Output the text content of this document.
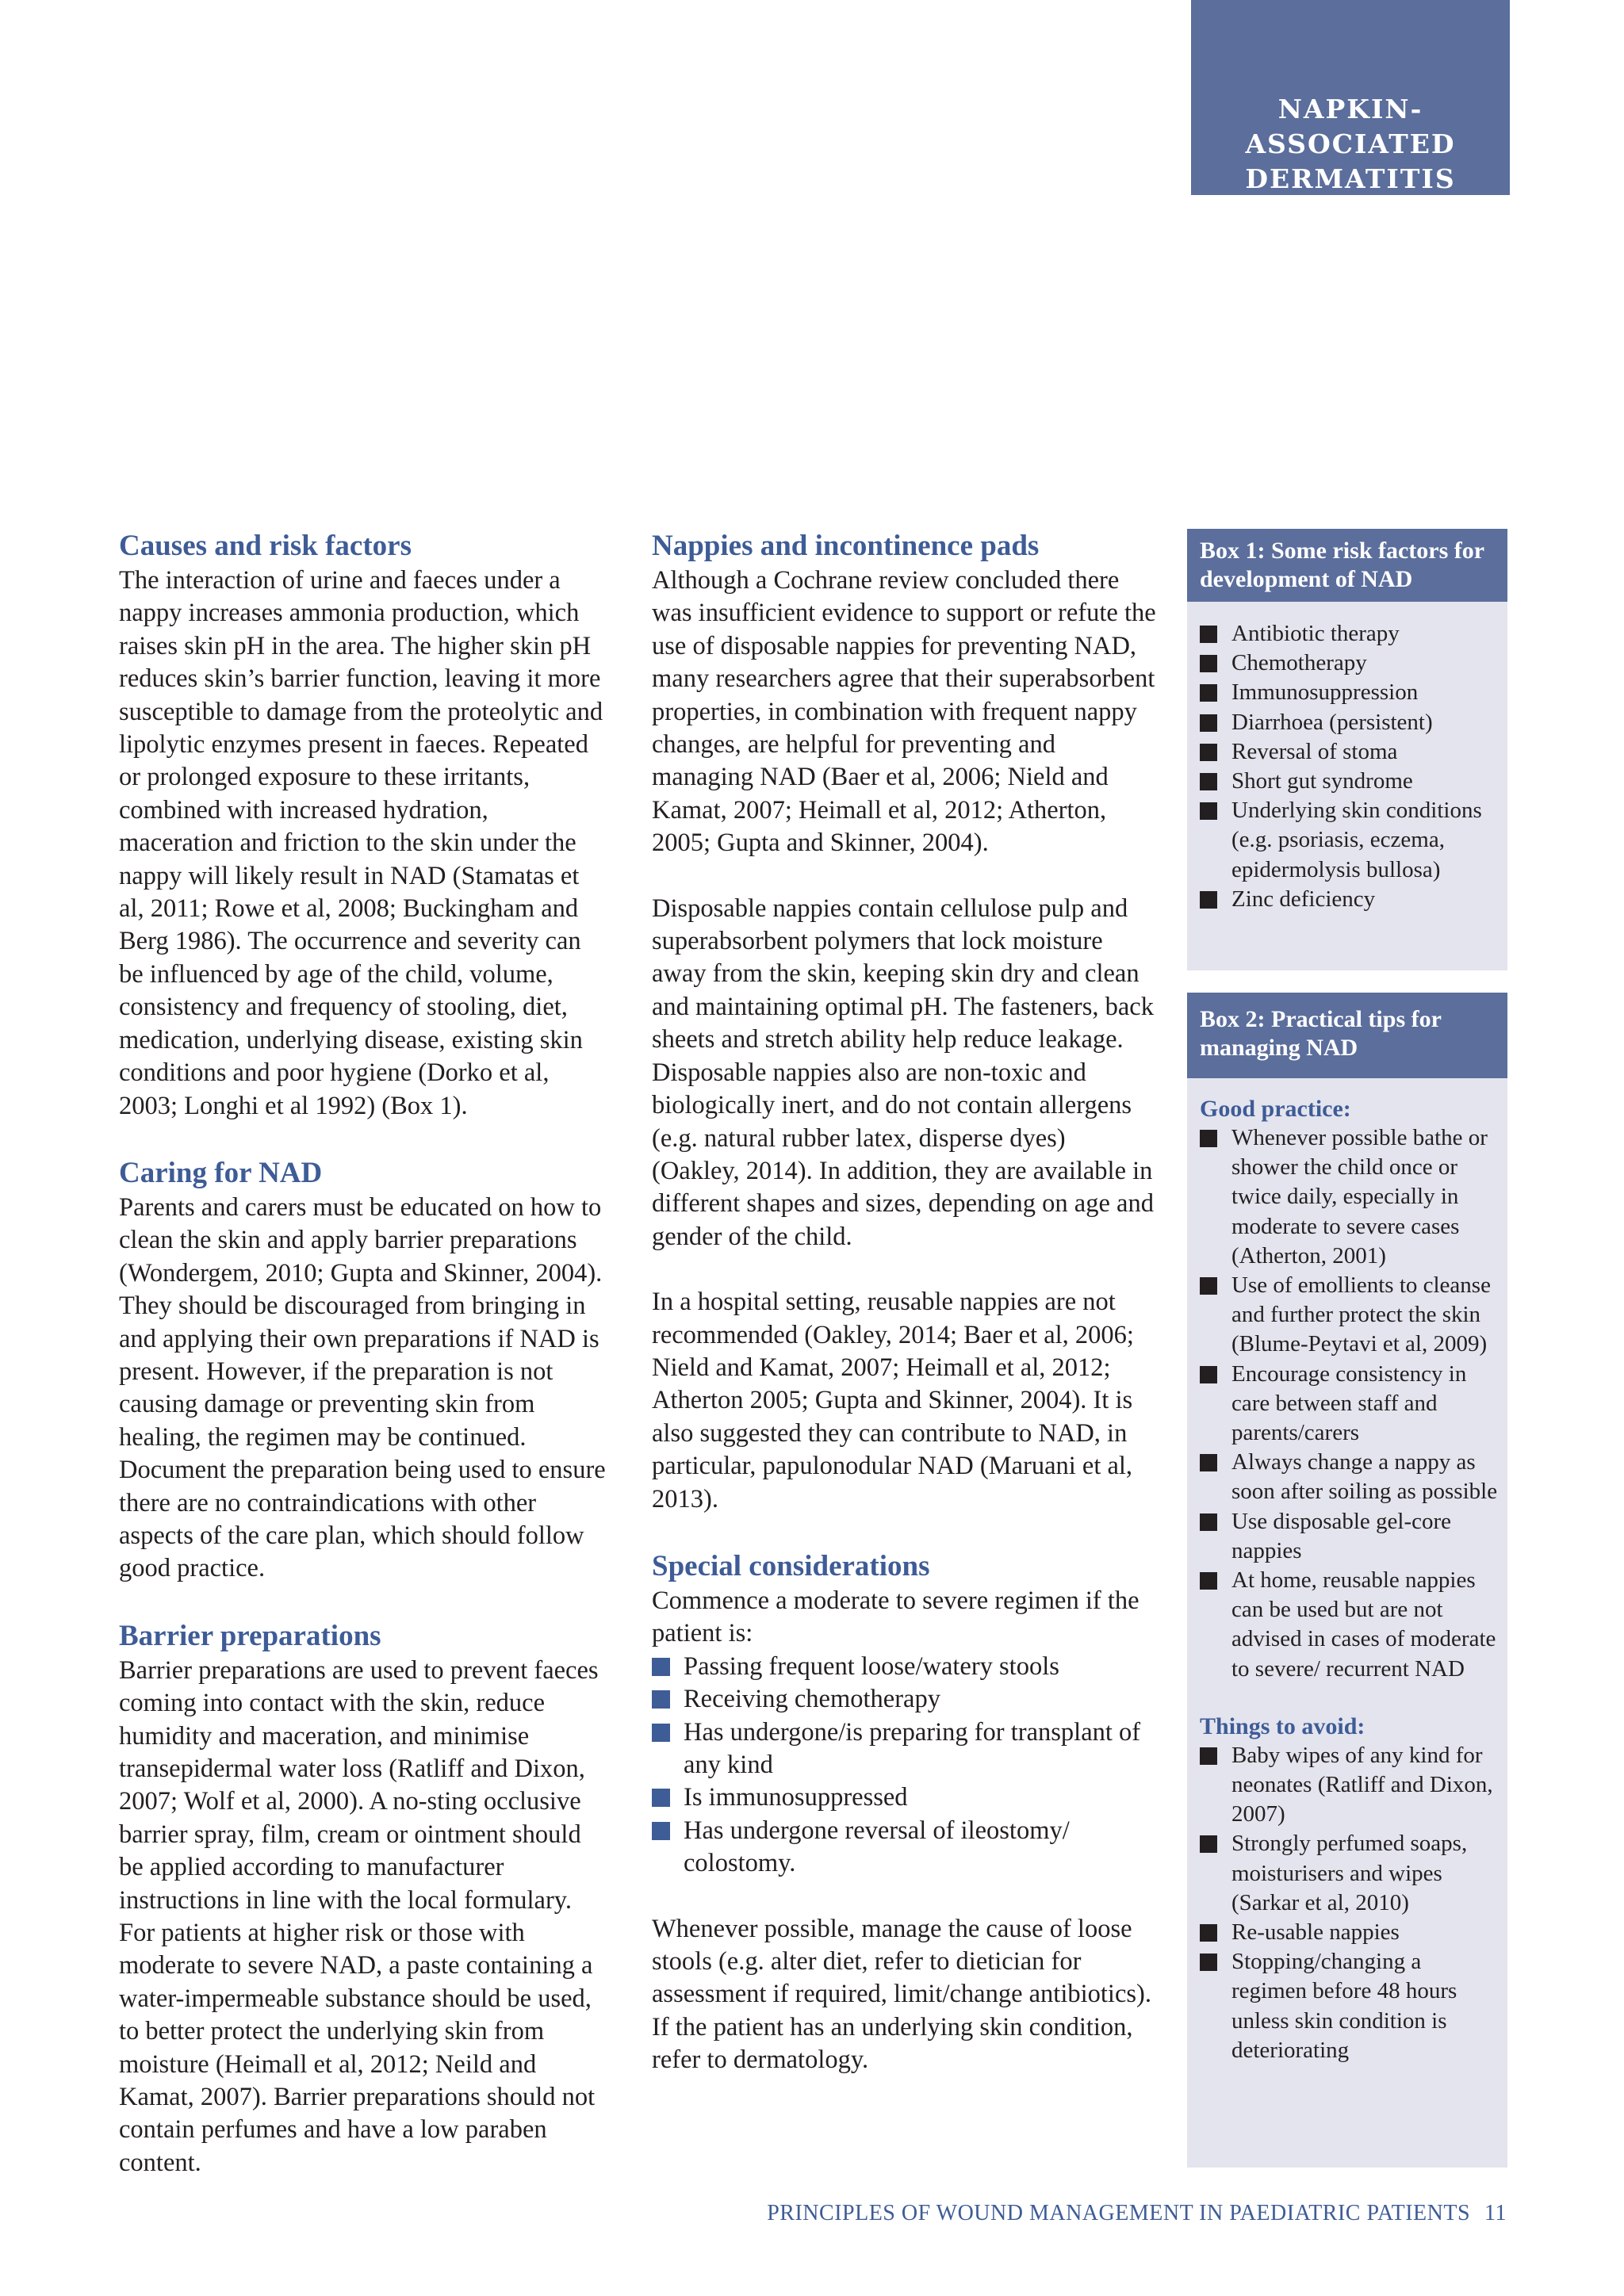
NAPKIN-
ASSOCIATED
DERMATITIS
Causes and risk factors

The interaction of urine and faeces under a nappy increases ammonia production, which raises skin pH in the area. The higher skin pH reduces skin’s barrier function, leaving it more susceptible to damage from the proteolytic and lipolytic enzymes present in faeces. Repeated or prolonged exposure to these irritants, combined with increased hydration, maceration and friction to the skin under the nappy will likely result in NAD (Stamatas et al, 2011; Rowe et al, 2008; Buckingham and Berg 1986). The occurrence and severity can be influenced by age of the child, volume, consistency and frequency of stooling, diet, medication, underlying disease, existing skin conditions and poor hygiene (Dorko et al, 2003; Longhi et al 1992) (Box 1).

Caring for NAD

Parents and carers must be educated on how to clean the skin and apply barrier preparations (Wondergem, 2010; Gupta and Skinner, 2004). They should be discouraged from bringing in and applying their own preparations if NAD is present. However, if the preparation is not causing damage or preventing skin from healing, the regimen may be continued. Document the preparation being used to ensure there are no contraindications with other aspects of the care plan, which should follow good practice.

Barrier preparations

Barrier preparations are used to prevent faeces coming into contact with the skin, reduce humidity and maceration, and minimise transepidermal water loss (Ratliff and Dixon, 2007; Wolf et al, 2000). A no-sting occlusive barrier spray, film, cream or ointment should be applied according to manufacturer instructions in line with the local formulary. For patients at higher risk or those with moderate to severe NAD, a paste containing a water-impermeable substance should be used, to better protect the underlying skin from moisture (Heimall et al, 2012; Neild and Kamat, 2007). Barrier preparations should not contain perfumes and have a low paraben content.

Nappies and incontinence pads

Although a Cochrane review concluded there was insufficient evidence to support or refute the use of disposable nappies for preventing NAD, many researchers agree that their superabsorbent properties, in combination with frequent nappy changes, are helpful for preventing and managing NAD (Baer et al, 2006; Nield and Kamat, 2007; Heimall et al, 2012; Atherton, 2005; Gupta and Skinner, 2004).

Disposable nappies contain cellulose pulp and superabsorbent polymers that lock moisture away from the skin, keeping skin dry and clean and maintaining optimal pH. The fasteners, back sheets and stretch ability help reduce leakage. Disposable nappies also are non-toxic and biologically inert, and do not contain allergens (e.g. natural rubber latex, disperse dyes) (Oakley, 2014). In addition, they are available in different shapes and sizes, depending on age and gender of the child.

In a hospital setting, reusable nappies are not recommended (Oakley, 2014; Baer et al, 2006; Nield and Kamat, 2007; Heimall et al, 2012; Atherton 2005; Gupta and Skinner, 2004). It is also suggested they can contribute to NAD, in particular, papulonodular NAD (Maruani et al, 2013).

Special considerations

Commence a moderate to severe regimen if the patient is:

Passing frequent loose/watery stools
Receiving chemotherapy
Has undergone/is preparing for transplant of any kind
Is immunosuppressed
Has undergone reversal of ileostomy/ colostomy.

Whenever possible, manage the cause of loose stools (e.g. alter diet, refer to dietician for assessment if required, limit/change antibiotics). If the patient has an underlying skin condition, refer to dermatology.

Box 1: Some risk factors for development of NAD
Antibiotic therapy
Chemotherapy
Immunosuppression
Diarrhoea (persistent)
Reversal of stoma
Short gut syndrome
Underlying skin conditions (e.g. psoriasis, eczema, epidermolysis bullosa)
Zinc deficiency
Box 2: Practical tips for managing NAD
Good practice:
Whenever possible bathe or shower the child once or twice daily, especially in moderate to severe cases (Atherton, 2001)
Use of emollients to cleanse and further protect the skin (Blume-Peytavi et al, 2009)
Encourage consistency in care between staff and parents/carers
Always change a nappy as soon after soiling as possible
Use disposable gel-core nappies
At home, reusable nappies can be used but are not advised in cases of moderate to severe/ recurrent NAD
Things to avoid:
Baby wipes of any kind for neonates (Ratliff and Dixon, 2007)
Strongly perfumed soaps, moisturisers and wipes (Sarkar et al, 2010)
Re-usable nappies
Stopping/changing a regimen before 48 hours unless skin condition is deteriorating
PRINCIPLES OF WOUND MANAGEMENT IN PAEDIATRIC PATIENTS 11
